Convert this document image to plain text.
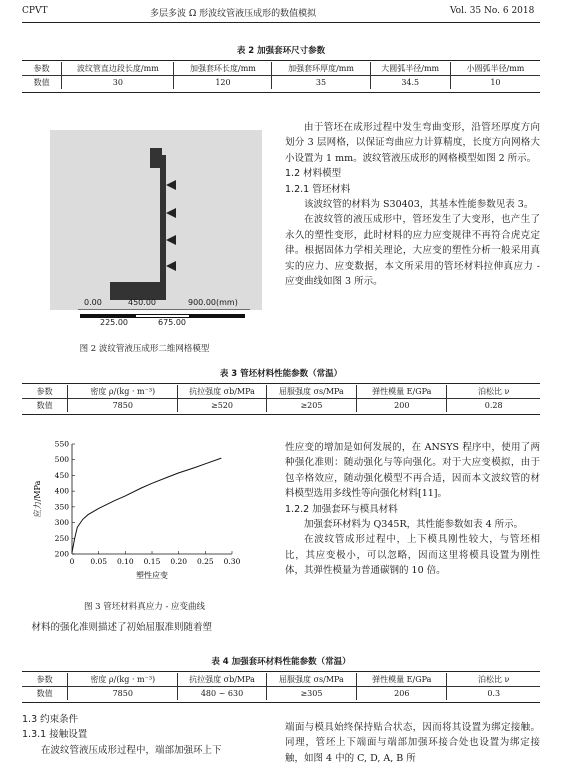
CPVT	多层多波 Ω 形波纹管液压成形的数值模拟	Vol. 35 No. 6 2018
表 2 加强套环尺寸参数
参数	波纹管直边段长度/mm	加强套环长度/mm	加强套环厚度/mm	大圆弧半径/mm	小圆弧半径/mm
数值	30	120	35	34.5	10
0.00	450.00	900.00(mm)
225.00	675.00
图 2 波纹管液压成形二维网格模型

由于管坯在成形过程中发生弯曲变形，沿管坯厚度方向划分 3 层网格，以保证弯曲应力计算精度，长度方向网格大小设置为 1 mm。波纹管液压成形的网格模型如图 2 所示。

1.2 材料模型

1.2.1 管坯材料

该波纹管的材料为 S30403，其基本性能参数见表 3。

在波纹管的液压成形中，管坯发生了大变形，也产生了永久的塑性变形，此时材料的应力应变规律不再符合虎克定律。根据固体力学相关理论，大应变的塑性分析一般采用真实的应力、应变数据，本文所采用的管坯材料拉伸真应力 - 应变曲线如图 3 所示。

表 3 管坯材料性能参数（常温）
参数	密度 ρ/(kg · m⁻³)	抗拉强度 σb/MPa	屈服强度 σs/MPa	弹性模量 E/GPa	泊松比 ν
数值	7850	≥520	≥205	200	0.28
0 0.05 0.10 0.15 0.20 0.25 0.30
200
250
300
350
400
450
500
550
塑性应变
应力/MPa
图 3 管坯材料真应力 - 应变曲线
材料的强化准则描述了初始屈服准则随着塑

性应变的增加是如何发展的，在 ANSYS 程序中，使用了两种强化准则：随动强化与等向强化。对于大应变模拟，由于包辛格效应，随动强化模型不再合适，因而本文波纹管的材料模型选用多线性等向强化材料[11]。

1.2.2 加强套环与模具材料

加强套环材料为 Q345R，其性能参数如表 4 所示。

在波纹管成形过程中，上下模具刚性较大，与管坯相比，其应变极小，可以忽略，因而这里将模具设置为刚性体，其弹性模量为普通碳钢的 10 倍。

表 4 加强套环材料性能参数（常温）
参数	密度 ρ/(kg · m⁻³)	抗拉强度 σb/MPa	屈服强度 σs/MPa	弹性模量 E/GPa	泊松比 ν
数值	7850	480 ~ 630	≥305	206	0.3

1.3 约束条件

1.3.1 接触设置

在波纹管液压成形过程中，端部加强环上下

端面与模具始终保持贴合状态，因而将其设置为绑定接触。同理，管坯上下端面与端部加强环接合处也设置为绑定接触，如图 4 中的 C, D, A, B 所
